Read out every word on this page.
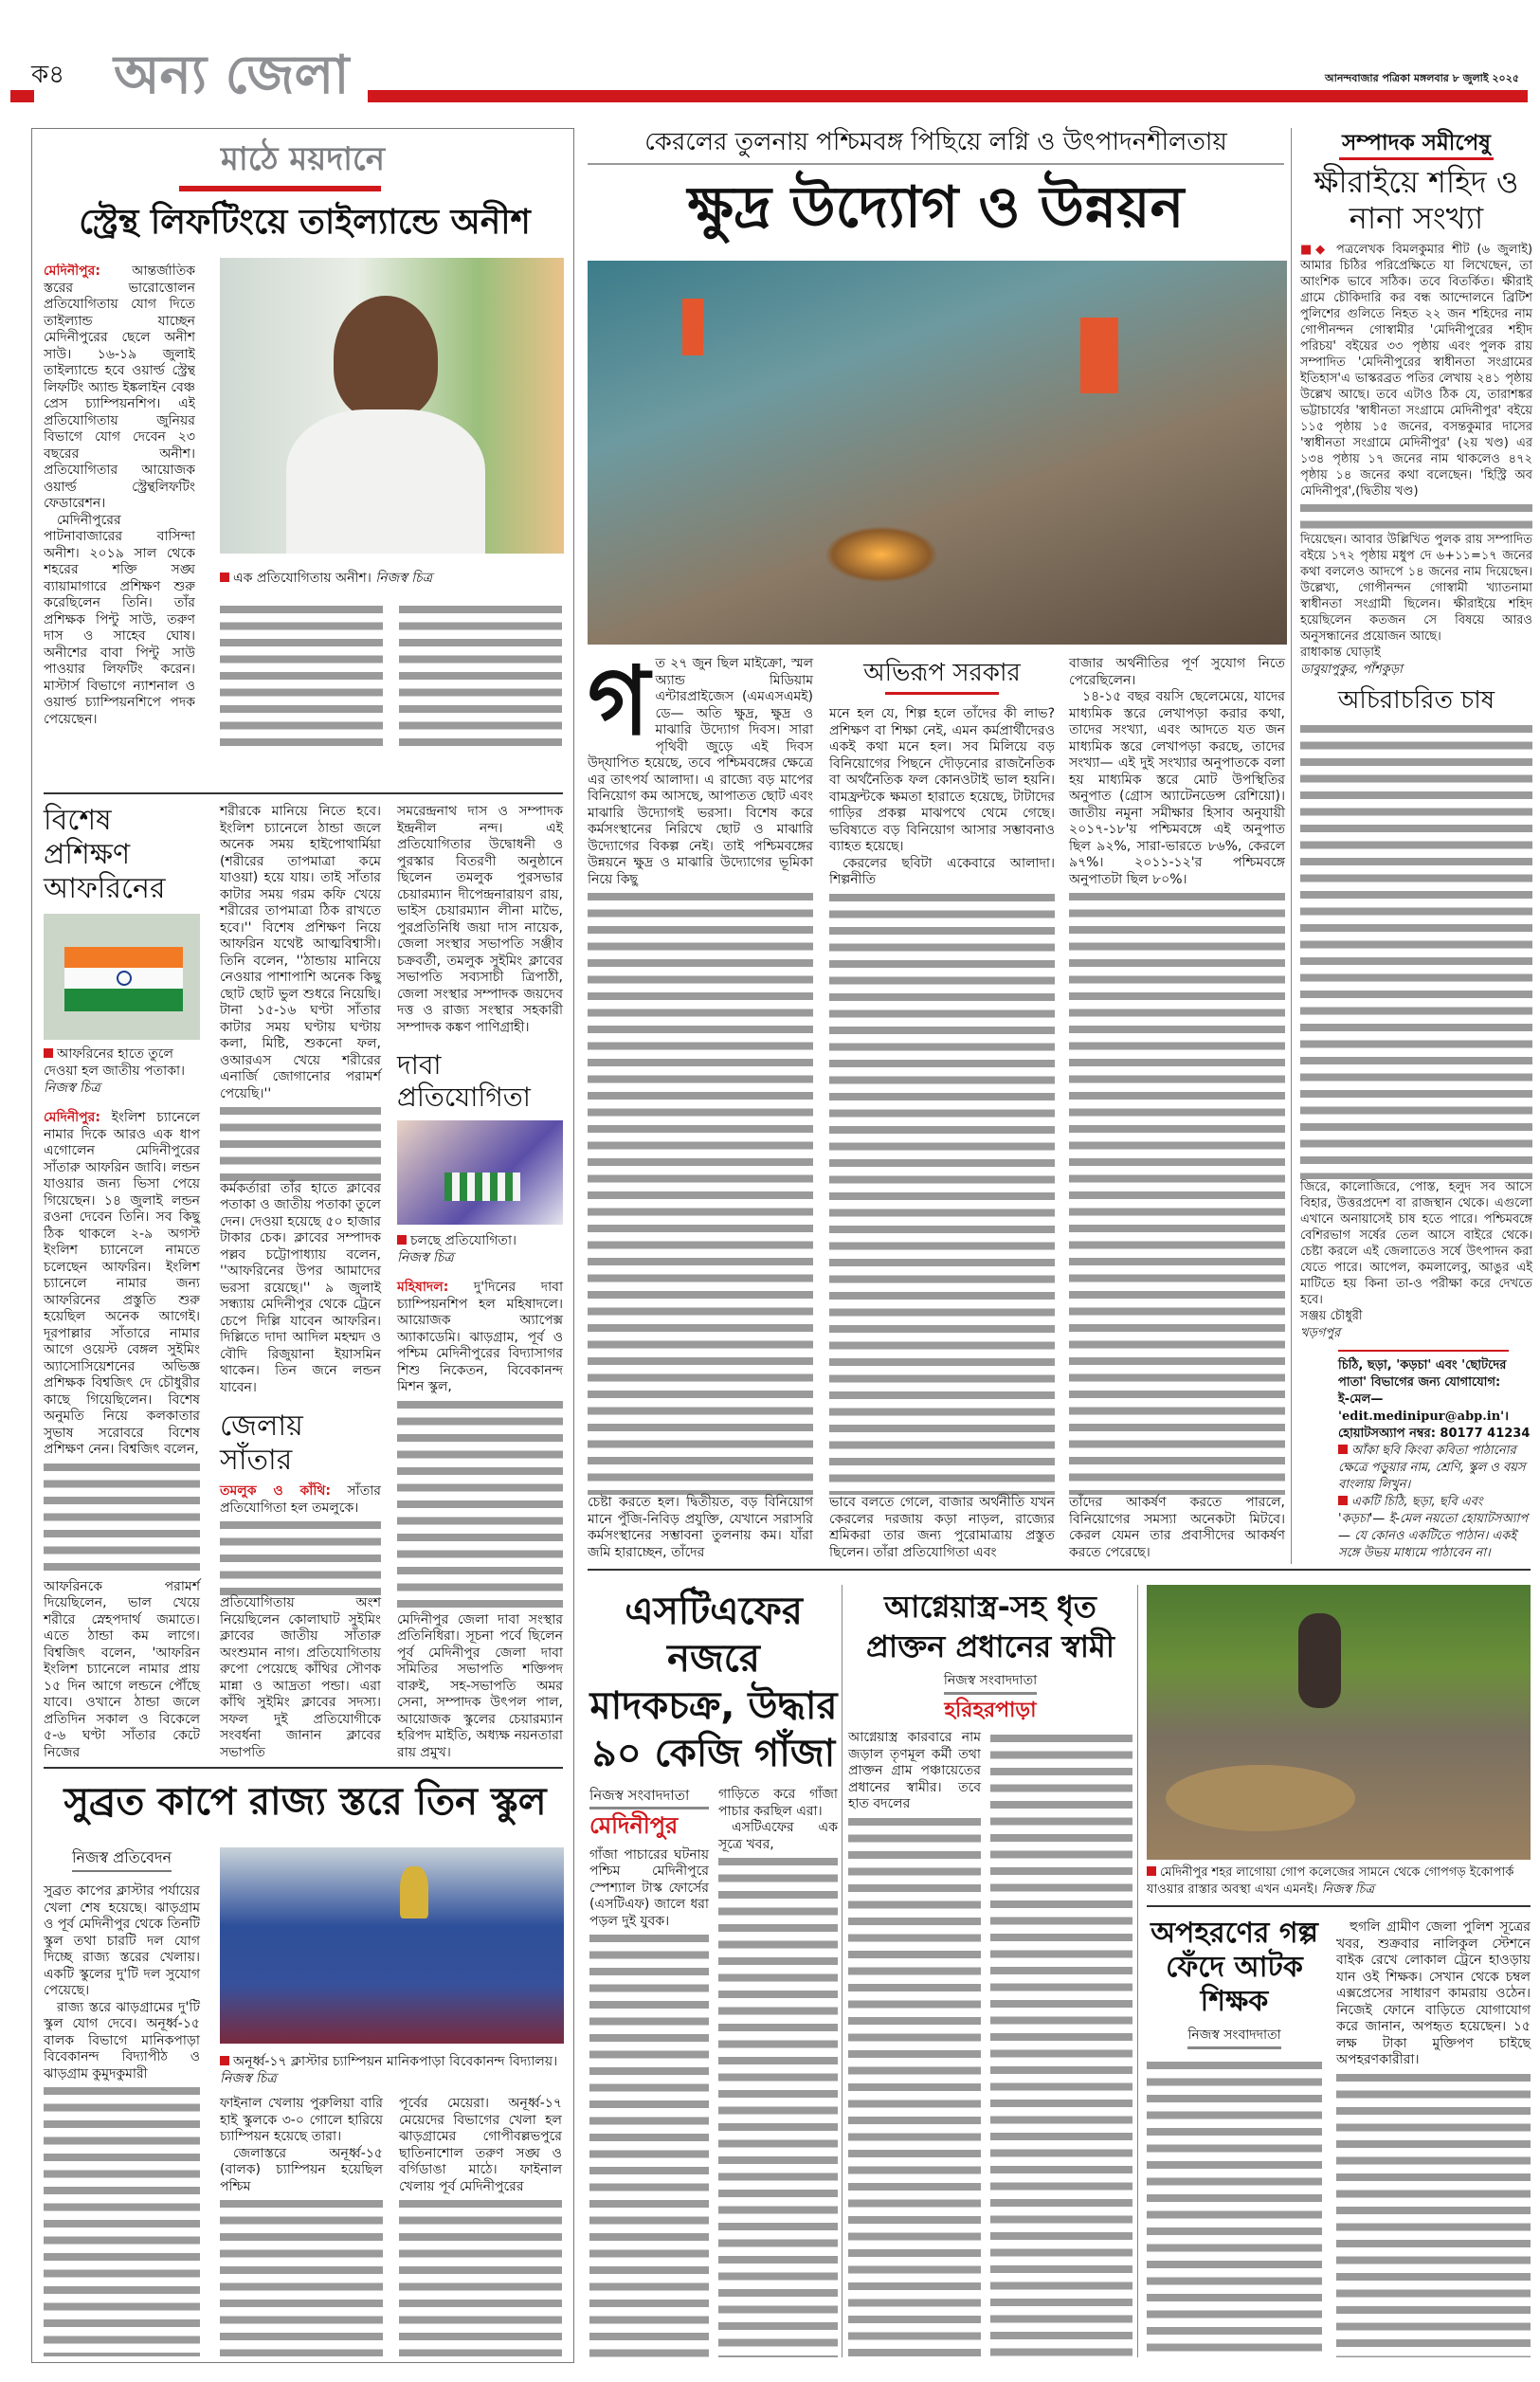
ক৪ অন্য জেলা	আনন্দবাজার পত্রিকা মঙ্গলবার ৮ জুলাই ২০২৫
মাঠে ময়দানে
স্ট্রেন্থ লিফটিংয়ে তাইল্যান্ডে অনীশ

মেদিনীপুর: আন্তর্জাতিক স্তরের ভারোত্তোলন প্রতিযোগিতায় যোগ দিতে তাইল্যান্ড যাচ্ছেন মেদিনীপুরের ছেলে অনীশ সাউ। ১৬-১৯ জুলাই তাইল্যান্ডে হবে ওয়ার্ল্ড স্ট্রেন্থ লিফটিং অ্যান্ড ইঙ্কলাইন বেঞ্চ প্রেস চ্যাম্পিয়নশিপ। এই প্রতিযোগিতায় জুনিয়র বিভাগে যোগ দেবেন ২৩ বছরের অনীশ। প্রতিযোগিতার আয়োজক ওয়ার্ল্ড স্ট্রেন্থলিফটিং ফেডারেশন।

মেদিনীপুরের পাটনাবাজারের বাসিন্দা অনীশ। ২০১৯ সাল থেকে শহরের শক্তি সঙ্ঘ ব্যায়ামাগারে প্রশিক্ষণ শুরু করেছিলেন তিনি। তাঁর প্রশিক্ষক পিন্টু সাউ, তরুণ দাস ও সাহেব ঘোষ। অনীশের বাবা পিন্টু সাউ পাওয়ার লিফটিং করেন। মাস্টার্স বিভাগে ন্যাশনাল ও ওয়ার্ল্ড চ্যাম্পিয়নশিপে পদক পেয়েছেন।

এক প্রতিযোগিতায় অনীশ। নিজস্ব চিত্র
বিশেষ প্রশিক্ষণ আফরিনের
আফরিনের হাতে তুলে দেওয়া হল জাতীয় পতাকা। নিজস্ব চিত্র

মেদিনীপুর: ইংলিশ চ্যানেলে নামার দিকে আরও এক ধাপ এগোলেন মেদিনীপুরের সাঁতারু আফরিন জাবি। লন্ডন যাওয়ার জন্য ভিসা পেয়ে গিয়েছেন। ১৪ জুলাই লন্ডন রওনা দেবেন তিনি। সব কিছু ঠিক থাকলে ২-৯ অগস্ট ইংলিশ চ্যানেলে নামতে চলেছেন আফরিন। ইংলিশ চ্যানেলে নামার জন্য আফরিনের প্রস্তুতি শুরু হয়েছিল অনেক আগেই। দূরপাল্লার সাঁতারে নামার আগে ওয়েস্ট বেঙ্গল সুইমিং অ্যাসোসিয়েশনের অভিজ্ঞ প্রশিক্ষক বিশ্বজিৎ দে চৌধুরীর কাছে গিয়েছিলেন। বিশেষ অনুমতি নিয়ে কলকাতার সুভাষ সরোবরে বিশেষ প্রশিক্ষণ নেন। বিশ্বজিৎ বলেন,

আফরিনকে পরামর্শ দিয়েছিলেন, ভাল খেয়ে শরীরে স্নেহপদার্থ জমাতে। এতে ঠান্ডা কম লাগে। বিশ্বজিৎ বলেন, 'আফরিন ইংলিশ চ্যানেলে নামার প্রায় ১৫ দিন আগে লন্ডনে পৌঁছে যাবে। ওখানে ঠান্ডা জলে প্রতিদিন সকাল ও বিকেলে ৫-৬ ঘণ্টা সাঁতার কেটে নিজের

শরীরকে মানিয়ে নিতে হবে। ইংলিশ চ্যানেলে ঠান্ডা জলে অনেক সময় হাইপোথার্মিয়া (শরীরের তাপমাত্রা কমে যাওয়া) হয়ে যায়। তাই সাঁতার কাটার সময় গরম কফি খেয়ে শরীরের তাপমাত্রা ঠিক রাখতে হবে।'' বিশেষ প্রশিক্ষণ নিয়ে আফরিন যথেষ্ট আত্মবিশ্বাসী। তিনি বলেন, ''ঠান্ডায় মানিয়ে নেওয়ার পাশাপাশি অনেক কিছু ছোট ছোট ভুল শুধরে নিয়েছি। টানা ১৫-১৬ ঘণ্টা সাঁতার কাটার সময় ঘণ্টায় ঘণ্টায় কলা, মিষ্টি, শুকনো ফল, ওআরএস খেয়ে শরীরের এনার্জি জোগানোর পরামর্শ পেয়েছি।''

কর্মকর্তারা তাঁর হাতে ক্লাবের পতাকা ও জাতীয় পতাকা তুলে দেন। দেওয়া হয়েছে ৫০ হাজার টাকার চেক। ক্লাবের সম্পাদক পল্লব চট্টোপাধ্যায় বলেন, ''আফরিনের উপর আমাদের ভরসা রয়েছে।'' ৯ জুলাই সন্ধ্যায় মেদিনীপুর থেকে ট্রেনে চেপে দিল্লি যাবেন আফরিন। দিল্লিতে দাদা আদিল মহম্মদ ও বৌদি রিজুয়ানা ইয়াসমিন থাকেন। তিন জনে লন্ডন যাবেন।

জেলায় সাঁতার

তমলুক ও কাঁথি: সাঁতার প্রতিযোগিতা হল তমলুকে।

প্রতিযোগিতায় অংশ নিয়েছিলেন কোলাঘাট সুইমিং ক্লাবের জাতীয় সাঁতারু অংশুমান নাগ। প্রতিযোগিতায় রুপো পেয়েছে কাঁথির সৌণক মান্না ও আদ্রতা পন্ডা। এরা কাঁথি সুইমিং ক্লাবের সদস্য। সফল দুই প্রতিযোগীকে সংবর্ধনা জানান ক্লাবের সভাপতি

সমরেন্দ্রনাথ দাস ও সম্পাদক ইন্দ্রনীল নন্দ। এই প্রতিযোগিতার উদ্বোধনী ও পুরস্কার বিতরণী অনুষ্ঠানে ছিলেন তমলুক পুরসভার চেয়ারম্যান দীপেন্দ্রনারায়ণ রায়, ভাইস চেয়ারম্যান লীনা মাভৈ, পুরপ্রতিনিধি জয়া দাস নায়েক, জেলা সংস্থার সভাপতি সঞ্জীব চক্রবর্তী, তমলুক সুইমিং ক্লাবের সভাপতি সব্যসাচী ত্রিপাঠী, জেলা সংস্থার সম্পাদক জয়দেব দত্ত ও রাজ্য সংস্থার সহকারী সম্পাদক কঙ্কণ পাণিগ্রাহী।

দাবা প্রতিযোগিতা
চলছে প্রতিযোগিতা।
নিজস্ব চিত্র

মহিষাদল: দু'দিনের দাবা চ্যাম্পিয়নশিপ হল মহিষাদলে। আয়োজক অ্যাপেক্স অ্যাকাডেমি। ঝাড়গ্রাম, পূর্ব ও পশ্চিম মেদিনীপুরের বিদ্যাসাগর শিশু নিকেতন, বিবেকানন্দ মিশন স্কুল,

মেদিনীপুর জেলা দাবা সংস্থার প্রতিনিধিরা। সূচনা পর্বে ছিলেন পূর্ব মেদিনীপুর জেলা দাবা সমিতির সভাপতি শক্তিপদ বারুই, সহ-সভাপতি অমর সেনা, সম্পাদক উৎপল পাল, আয়োজক স্কুলের চেয়ারম্যান হরিপদ মাইতি, অধ্যক্ষ নয়নতারা রায় প্রমুখ।

সুব্রত কাপে রাজ্য স্তরে তিন স্কুল
নিজস্ব প্রতিবেদন

সুব্রত কাপের ক্লাস্টার পর্যায়ের খেলা শেষ হয়েছে। ঝাড়গ্রাম ও পূর্ব মেদিনীপুর থেকে তিনটি স্কুল তথা চারটি দল যোগ দিচ্ছে রাজ্য স্তরের খেলায়। একটি স্কুলের দু'টি দল সুযোগ পেয়েছে।

রাজ্য স্তরে ঝাড়গ্রামের দু'টি স্কুল যোগ দেবে। অনূর্ধ্ব-১৫ বালক বিভাগে মানিকপাড়া বিবেকানন্দ বিদ্যাপীঠ ও ঝাড়গ্রাম কুমুদকুমারী

অনূর্ধ্ব-১৭ ক্লাস্টার চ্যাম্পিয়ন মানিকপাড়া বিবেকানন্দ বিদ্যালয়।
নিজস্ব চিত্র

ফাইনাল খেলায় পুরুলিয়া বারি হাই স্কুলকে ৩-০ গোলে হারিয়ে চ্যাম্পিয়ন হয়েছে তারা।

জেলাস্তরে অনূর্ধ্ব-১৫ (বালক) চ্যাম্পিয়ন হয়েছিল পশ্চিম

পূর্বের মেয়েরা। অনূর্ধ্ব-১৭ মেয়েদের বিভাগের খেলা হল ঝাড়গ্রামের গোপীবল্লভপুরে ছাতিনাশোল তরুণ সঙ্ঘ ও বর্গিডাঙা মাঠে। ফাইনাল খেলায় পূর্ব মেদিনীপুরের

কেরলের তুলনায় পশ্চিমবঙ্গ পিছিয়ে লগ্নি ও উৎপাদনশীলতায়
ক্ষুদ্র উদ্যোগ ও উন্নয়ন
গ ত ২৭ জুন ছিল মাইক্রো, স্মল অ্যান্ড মিডিয়াম এন্টারপ্রাইজেস (এমএসএমই) ডে— অতি ক্ষুদ্র, ক্ষুদ্র ও মাঝারি উদ্যোগ দিবস। সারা পৃথিবী জুড়ে এই দিবস উদ্‌যাপিত হয়েছে, তবে পশ্চিমবঙ্গের ক্ষেত্রে এর তাৎপর্য আলাদা। এ রাজ্যে বড় মাপের বিনিয়োগ কম আসছে, আপাতত ছোট এবং মাঝারি উদ্যোগই ভরসা। বিশেষ করে কর্মসংস্থানের নিরিখে ছোট ও মাঝারি উদ্যোগের বিকল্প নেই। তাই পশ্চিমবঙ্গের উন্নয়নে ক্ষুদ্র ও মাঝারি উদ্যোগের ভূমিকা নিয়ে কিছু

চেষ্টা করতে হল। দ্বিতীয়ত, বড় বিনিয়োগ মানে পুঁজি-নিবিড় প্রযুক্তি, যেখানে সরাসরি কর্মসংস্থানের সম্ভাবনা তুলনায় কম। যাঁরা জমি হারাচ্ছেন, তাঁদের

অভিরূপ সরকার

মনে হল যে, শিল্প হলে তাঁদের কী লাভ? প্রশিক্ষণ বা শিক্ষা নেই, এমন কর্মপ্রার্থীদেরও একই কথা মনে হল। সব মিলিয়ে বড় বিনিয়োগের পিছনে দৌড়নোর রাজনৈতিক বা অর্থনৈতিক ফল কোনওটাই ভাল হয়নি। বামফ্রন্টকে ক্ষমতা হারাতে হয়েছে, টাটাদের গাড়ির প্রকল্প মাঝপথে থেমে গেছে। ভবিষ্যতে বড় বিনিয়োগ আসার সম্ভাবনাও ব্যাহত হয়েছে।

কেরলের ছবিটা একেবারে আলাদা। শিল্পনীতি

ভাবে বলতে গেলে, বাজার অর্থনীতি যখন কেরলের দরজায় কড়া নাড়ল, রাজ্যের শ্রমিকরা তার জন্য পুরোমাত্রায় প্রস্তুত ছিলেন। তাঁরা প্রতিযোগিতা এবং

বাজার অর্থনীতির পূর্ণ সুযোগ নিতে পেরেছিলেন।

১৪-১৫ বছর বয়সি ছেলেমেয়ে, যাদের মাধ্যমিক স্তরে লেখাপড়া করার কথা, তাদের সংখ্যা, এবং আদতে যত জন মাধ্যমিক স্তরে লেখাপড়া করছে, তাদের সংখ্যা— এই দুই সংখ্যার অনুপাতকে বলা হয় মাধ্যমিক স্তরে মোট উপস্থিতির অনুপাত (গ্রোস অ্যাটেনডেন্স রেশিয়ো)। জাতীয় নমুনা সমীক্ষার হিসাব অনুযায়ী ২০১৭-১৮'য় পশ্চিমবঙ্গে এই অনুপাত ছিল ৯২%, সারা-ভারতে ৮৬%, কেরলে ৯৭%। ২০১১-১২'র পশ্চিমবঙ্গে অনুপাতটা ছিল ৮০%।

তাঁদের আকর্ষণ করতে পারলে, বিনিয়োগের সমস্যা অনেকটা মিটবে। কেরল যেমন তার প্রবাসীদের আকর্ষণ করতে পেরেছে।

এসটিএফের নজরে মাদকচক্র, উদ্ধার ৯০ কেজি গাঁজা
নিজস্ব সংবাদদাতা
মেদিনীপুর

গাঁজা পাচারের ঘটনায় পশ্চিম মেদিনীপুরে স্পেশ্যাল টাস্ক ফোর্সের (এসটিএফ) জালে ধরা পড়ল দুই যুবক।

গাড়িতে করে গাঁজা পাচার করছিল এরা।

এসটিএফের এক সূত্রে খবর,

আগ্নেয়াস্ত্র-সহ ধৃত প্রাক্তন প্রধানের স্বামী
নিজস্ব সংবাদদাতা
হরিহরপাড়া

আগ্নেয়াস্ত্র কারবারে নাম জড়াল তৃণমূল কর্মী তথা প্রাক্তন গ্রাম পঞ্চায়েতের প্রধানের স্বামীর। তবে হাত বদলের

মেদিনীপুর শহর লাগোয়া গোপ কলেজের সামনে থেকে গোপগড় ইকোপার্ক যাওয়ার রাস্তার অবস্থা এখন এমনই। নিজস্ব চিত্র
অপহরণের গল্প ফেঁদে আটক শিক্ষক
নিজস্ব সংবাদদাতা

হুগলি গ্রামীণ জেলা পুলিশ সূত্রের খবর, শুক্রবার নালিকুল স্টেশনে বাইক রেখে লোকাল ট্রেনে হাওড়ায় যান ওই শিক্ষক। সেখান থেকে চম্বল এক্সপ্রেসের সাধারণ কামরায় ওঠেন। নিজেই ফোনে বাড়িতে যোগাযোগ করে জানান, অপহৃত হয়েছেন। ১৫ লক্ষ টাকা মুক্তিপণ চাইছে অপহরণকারীরা।

সম্পাদক সমীপেষু
ক্ষীরাইয়ে শহিদ ও নানা সংখ্যা

■◆ পত্রলেখক বিমলকুমার শীট (৬ জুলাই) আমার চিঠির পরিপ্রেক্ষিতে যা লিখেছেন, তা আংশিক ভাবে সঠিক। তবে বিতর্কিত। ক্ষীরাই গ্রামে চৌকিদারি কর বন্ধ আন্দোলনে ব্রিটিশ পুলিশের গুলিতে নিহত ২২ জন শহিদের নাম গোপীনন্দন গোস্বামীর 'মেদিনীপুরের শহীদ পরিচয়' বইয়ের ৩৩ পৃষ্ঠায় এবং পুলক রায় সম্পাদিত 'মেদিনীপুরের স্বাধীনতা সংগ্রামের ইতিহাস'এ ভাস্করব্রত পতির লেখায় ২৪১ পৃষ্ঠায় উল্লেখ আছে। তবে এটাও ঠিক যে, তারাশঙ্কর ভট্টাচার্যের 'স্বাধীনতা সংগ্রামে মেদিনীপুর' বইয়ে ১১৫ পৃষ্ঠায় ১৫ জনের, বসন্তকুমার দাসের 'স্বাধীনতা সংগ্রামে মেদিনীপুর' (২য় খণ্ড) এর ১৩৪ পৃষ্ঠায় ১৭ জনের নাম থাকলেও ৪৭২ পৃষ্ঠায় ১৪ জনের কথা বলেছেন। 'হিস্ট্রি অব মেদিনীপুর',(দ্বিতীয় খণ্ড)

দিয়েছেন। আবার উল্লিখিত পুলক রায় সম্পাদিত বইয়ে ১৭২ পৃষ্ঠায় মধুপ দে ৬+১১=১৭ জনের কথা বললেও আদপে ১৪ জনের নাম দিয়েছেন। উল্লেখ্য, গোপীনন্দন গোস্বামী খ্যাতনামা স্বাধীনতা সংগ্রামী ছিলেন। ক্ষীরাইয়ে শহিদ হয়েছিলেন কতজন সে বিষয়ে আরও অনুসন্ধানের প্রয়োজন আছে।

রাধাকান্ত ঘোড়াই
ডাবুয়াপুকুর, পাঁশকুড়া
অচিরাচরিত চাষ

জিরে, কালোজিরে, পোস্ত, হলুদ সব আসে বিহার, উত্তরপ্রদেশ বা রাজস্থান থেকে। এগুলো এখানে অনায়াসেই চাষ হতে পারে। পশ্চিমবঙ্গে বেশিরভাগ সর্ষের তেল আসে বাইরে থেকে। চেষ্টা করলে এই জেলাতেও সর্ষে উৎপাদন করা যেতে পারে। আপেল, কমলালেবু, আঙুর এই মাটিতে হয় কিনা তা-ও পরীক্ষা করে দেখতে হবে।

সঞ্জয় চৌধুরী
খড়গপুর
চিঠি, ছড়া, 'কড়চা' এবং 'ছোটদের পাতা' বিভাগের জন্য যোগাযোগ:
ই-মেল— 'edit.medinipur@abp.in'।
হোয়াটসঅ্যাপ নম্বর: 80177 41234
আঁকা ছবি কিংবা কবিতা পাঠানোর ক্ষেত্রে পড়ুয়ার নাম, শ্রেণি, স্কুল ও বয়স বাংলায় লিখুন।
একটি চিঠি, ছড়া, ছবি এবং 'কড়চা'— ই-মেল নয়তো হোয়াটসঅ্যাপ— যে কোনও একটিতে পাঠান। একই সঙ্গে উভয় মাধ্যমে পাঠাবেন না।
